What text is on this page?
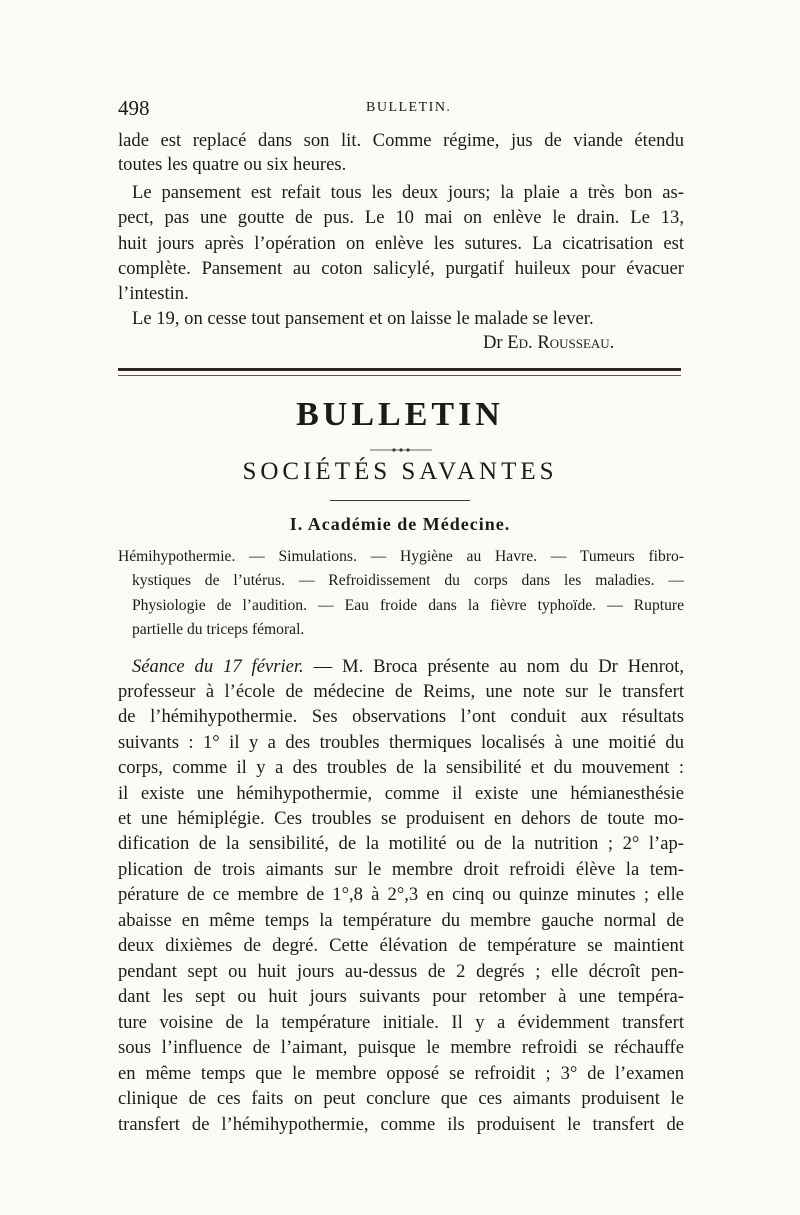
498	BULLETIN.
lade est replacé dans son lit. Comme régime, jus de viande étendu
toutes les quatre ou six heures.
Le pansement est refait tous les deux jours; la plaie a très bon as-
pect, pas une goutte de pus. Le 10 mai on enlève le drain. Le 13,
huit jours après l’opération on enlève les sutures. La cicatrisation est
complète. Pansement au coton salicylé, purgatif huileux pour évacuer
l’intestin.
Le 19, on cesse tout pansement et on laisse le malade se lever.
Dr Ed. Rousseau.
BULLETIN
SOCIÉTÉS SAVANTES
I. Académie de Médecine.
Hémihypothermie. — Simulations. — Hygiène au Havre. — Tumeurs fibro-
kystiques de l’utérus. — Refroidissement du corps dans les maladies. —
Physiologie de l’audition. — Eau froide dans la fièvre typhoïde. — Rupture
partielle du triceps fémoral.
Séance du 17 février. — M. Broca présente au nom du Dr Henrot,
professeur à l’école de médecine de Reims, une note sur le transfert
de l’hémihypothermie. Ses observations l’ont conduit aux résultats
suivants : 1° il y a des troubles thermiques localisés à une moitié du
corps, comme il y a des troubles de la sensibilité et du mouvement :
il existe une hémihypothermie, comme il existe une hémianesthésie
et une hémiplégie. Ces troubles se produisent en dehors de toute mo-
dification de la sensibilité, de la motilité ou de la nutrition ; 2° l’ap-
plication de trois aimants sur le membre droit refroidi élève la tem-
pérature de ce membre de 1°,8 à 2°,3 en cinq ou quinze minutes ; elle
abaisse en même temps la température du membre gauche normal de
deux dixièmes de degré. Cette élévation de température se maintient
pendant sept ou huit jours au-dessus de 2 degrés ; elle décroît pen-
dant les sept ou huit jours suivants pour retomber à une tempéra-
ture voisine de la température initiale. Il y a évidemment transfert
sous l’influence de l’aimant, puisque le membre refroidi se réchauffe
en même temps que le membre opposé se refroidit ; 3° de l’examen
clinique de ces faits on peut conclure que ces aimants produisent le
transfert de l’hémihypothermie, comme ils produisent le transfert de
